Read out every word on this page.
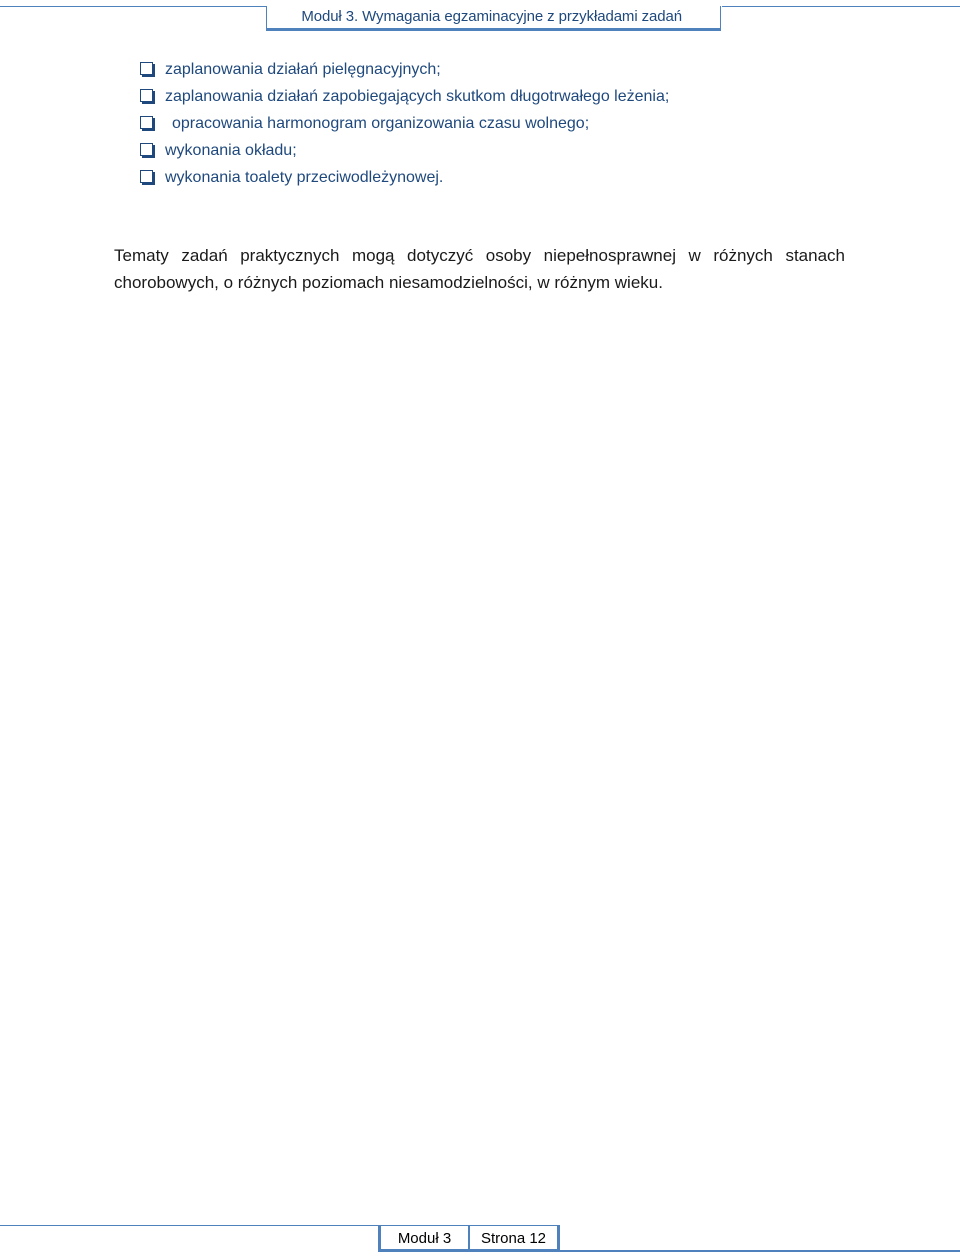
Moduł 3. Wymagania egzaminacyjne z przykładami zadań
zaplanowania działań pielęgnacyjnych;
zaplanowania działań zapobiegających skutkom długotrwałego leżenia;
opracowania harmonogram organizowania czasu wolnego;
wykonania okładu;
wykonania toalety przeciwodleżynowej.

Tematy zadań praktycznych mogą dotyczyć osoby niepełnosprawnej w różnych stanach chorobowych, o różnych poziomach niesamodzielności, w różnym wieku.

Moduł 3	Strona 12
